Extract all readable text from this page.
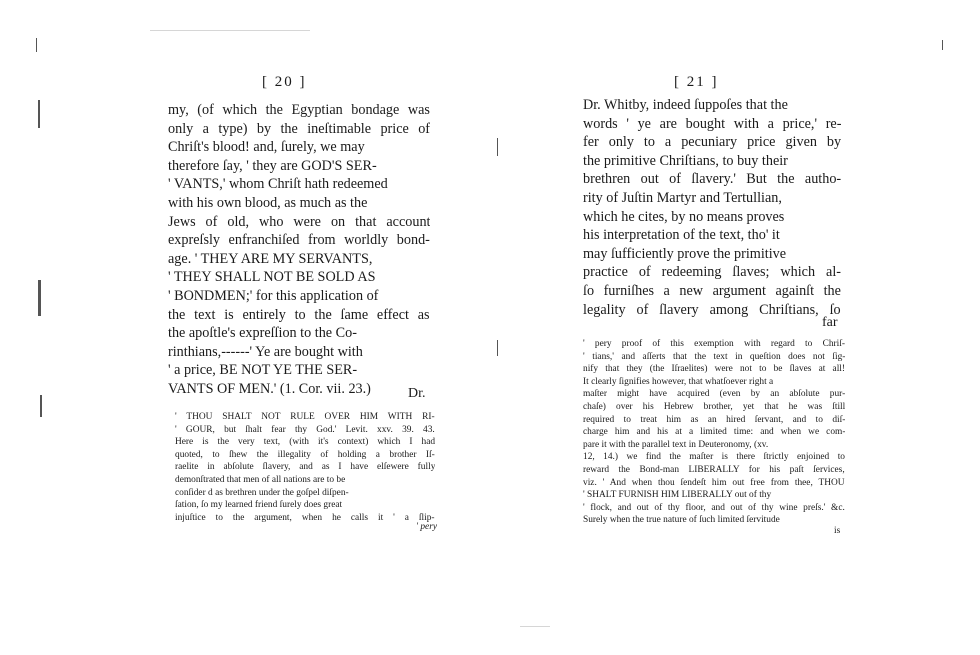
[ 20 ]
my, (of which the Egyptian bondage was
only a type) by the ineſtimable price of
Chriſt's blood! and, ſurely, we may
therefore ſay, ' they are GOD'S SER-
' VANTS,' whom Chriſt hath redeemed
with his own blood, as much as the
Jews of old, who were on that account
expreſsly enfranchiſed from worldly bond-
age. ' THEY ARE MY SERVANTS,
' THEY SHALL NOT BE SOLD AS
' BONDMEN;' for this application of
the text is entirely to the ſame effect as
the apoſtle's expreſſion to the Co-
rinthians,------' Ye are bought with
' a price, BE NOT YE THE SER-
VANTS OF MEN.' (1. Cor. vii. 23.)	Dr.
' THOU SHALT NOT RULE OVER HIM WITH RI-
' GOUR, but ſhalt fear thy God.' Levit. xxv. 39. 43.
Here is the very text, (with it's context) which I had
quoted, to ſhew the illegality of holding a brother Iſ-
raelite in abſolute ſlavery, and as I have elſewere fully
demonſtrated that men of all nations are to be
conſider d as brethren under the goſpel diſpen-
ſation, ſo my learned friend ſurely does great
injuſtice to the argument, when he calls it ' a ſlip-
' pery
[ 21 ]
Dr. Whitby, indeed ſuppoſes that the
words ' ye are bought with a price,' re-
fer only to a pecuniary price given by
the primitive Chriſtians, to buy their
brethren out of ſlavery.' But the autho-
rity of Juſtin Martyr and Tertullian,
which he cites, by no means proves
his interpretation of the text, tho' it
may ſufficiently prove the primitive
practice of redeeming ſlaves; which al-
ſo furniſhes a new argument againſt the
legality of ſlavery among Chriſtians, ſo
far
' pery proof of this exemption with regard to Chriſ-
' tians,' and aſſerts that the text in queſtion does not ſig-
nify that they (the Iſraelites) were not to be ſlaves at all!
It clearly ſignifies however, that whatſoever right a
maſter might have acquired (even by an abſolute pur-
chaſe) over his Hebrew brother, yet that he was ſtill
required to treat him as an hired ſervant, and to diſ-
charge him and his at a limited time: and when we com-
pare it with the parallel text in Deuteronomy, (xv.
12, 14.) we find the maſter is there ſtrictly enjoined to
reward the Bond-man LIBERALLY for his paſt ſervices,
viz. ' And when thou ſendeſt him out free from thee, THOU
' SHALT FURNISH HIM LIBERALLY out of thy
' flock, and out of thy floor, and out of thy wine preſs.' &c.
Surely when the true nature of ſuch limited ſervitude
is
